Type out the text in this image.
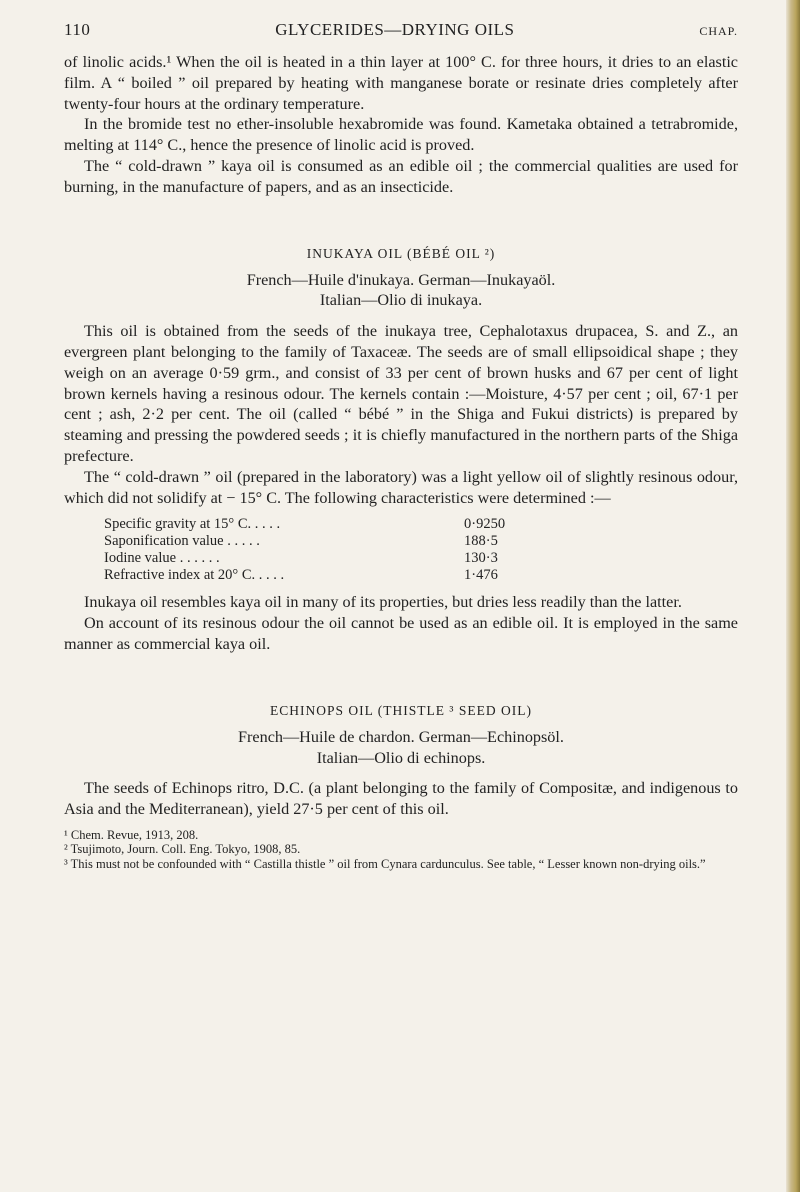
110	GLYCERIDES—DRYING OILS	CHAP.

of linolic acids.¹ When the oil is heated in a thin layer at 100° C. for three hours, it dries to an elastic film. A “ boiled ” oil prepared by heating with manganese borate or resinate dries completely after twenty-four hours at the ordinary temperature.

In the bromide test no ether-insoluble hexabromide was found. Kametaka obtained a tetrabromide, melting at 114° C., hence the presence of linolic acid is proved.

The “ cold-drawn ” kaya oil is consumed as an edible oil ; the commercial qualities are used for burning, in the manufacture of papers, and as an insecticide.

INUKAYA OIL (BÉBÉ OIL ²)
French—Huile d'inukaya. German—Inukayaöl.
Italian—Olio di inukaya.

This oil is obtained from the seeds of the inukaya tree, Cephalotaxus drupacea, S. and Z., an evergreen plant belonging to the family of Taxaceæ. The seeds are of small ellipsoidical shape ; they weigh on an average 0·59 grm., and consist of 33 per cent of brown husks and 67 per cent of light brown kernels having a resinous odour. The kernels contain :—Moisture, 4·57 per cent ; oil, 67·1 per cent ; ash, 2·2 per cent. The oil (called “ bébé ” in the Shiga and Fukui districts) is prepared by steaming and pressing the powdered seeds ; it is chiefly manufactured in the northern parts of the Shiga prefecture.

The “ cold-drawn ” oil (prepared in the laboratory) was a light yellow oil of slightly resinous odour, which did not solidify at − 15° C. The following characteristics were determined :—

Specific gravity at 15° C. . . . .	0·9250
Saponification value . . . . .	188·5
Iodine value . . . . . .	130·3
Refractive index at 20° C. . . . .	1·476

Inukaya oil resembles kaya oil in many of its properties, but dries less readily than the latter.

On account of its resinous odour the oil cannot be used as an edible oil. It is employed in the same manner as commercial kaya oil.

ECHINOPS OIL (THISTLE ³ SEED OIL)
French—Huile de chardon. German—Echinopsöl.
Italian—Olio di echinops.

The seeds of Echinops ritro, D.C. (a plant belonging to the family of Compositæ, and indigenous to Asia and the Mediterranean), yield 27·5 per cent of this oil.

¹ Chem. Revue, 1913, 208.
² Tsujimoto, Journ. Coll. Eng. Tokyo, 1908, 85.
³ This must not be confounded with “ Castilla thistle ” oil from Cynara cardunculus. See table, “ Lesser known non-drying oils.”
